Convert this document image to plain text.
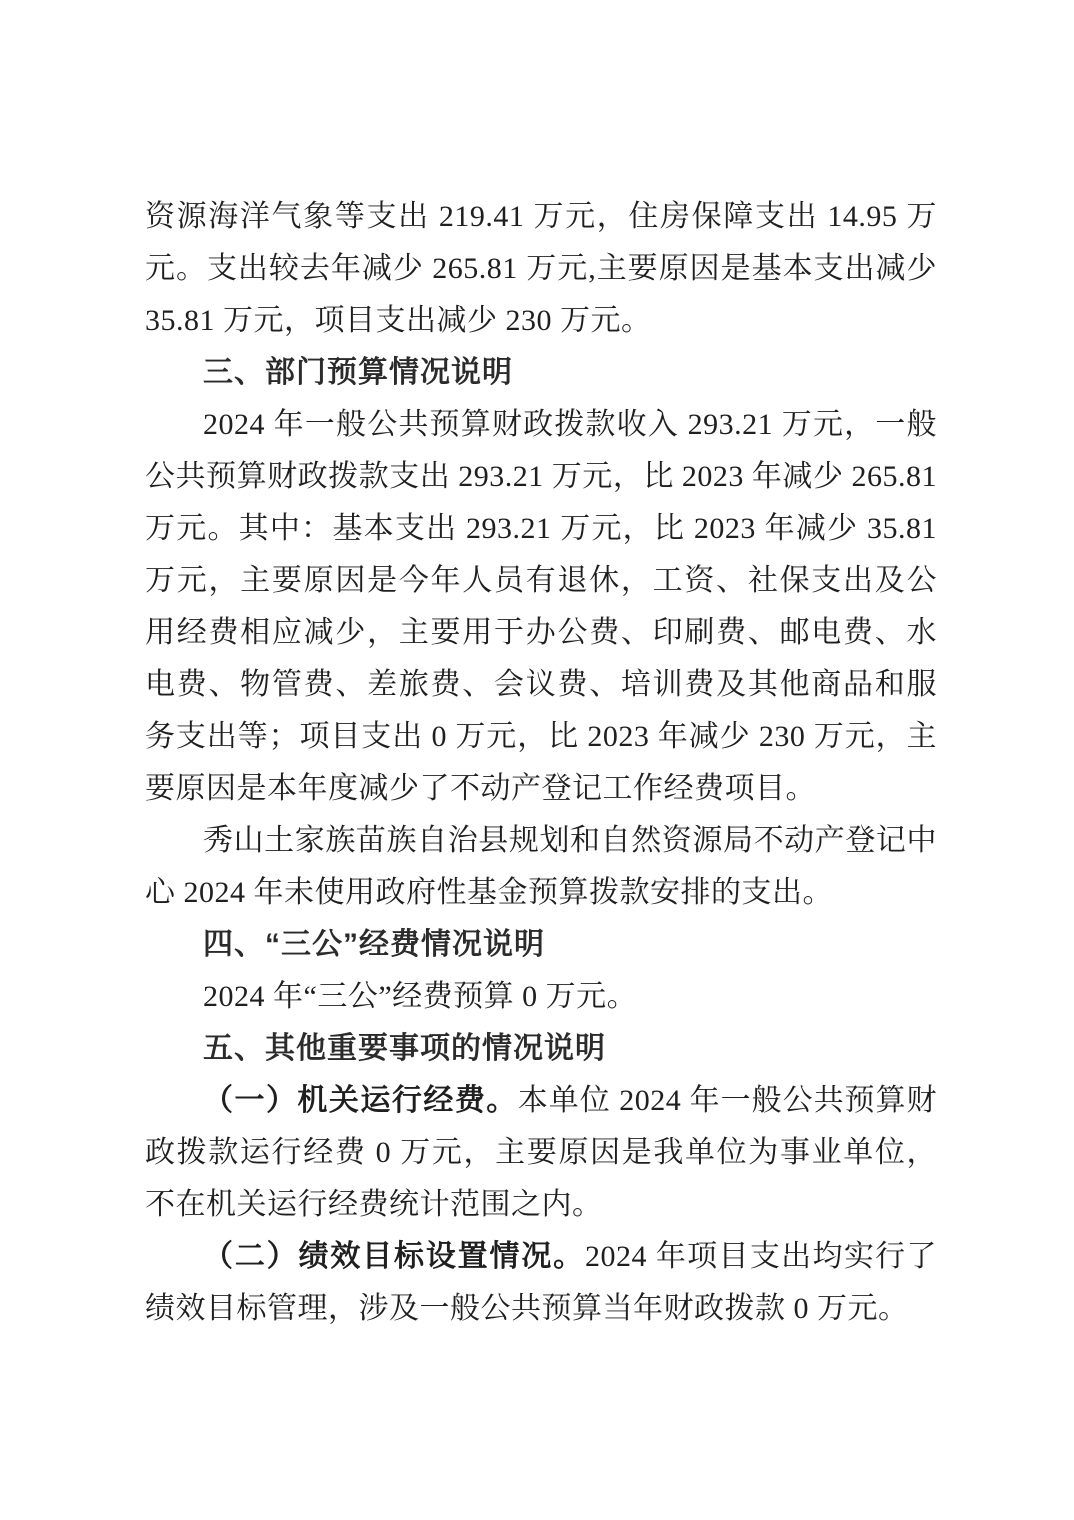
资源海洋气象等支出 219.41 万元，住房保障支出 14.95 万元。支出较去年减少 265.81 万元,主要原因是基本支出减少 35.81 万元，项目支出减少 230 万元。

三、部门预算情况说明

2024 年一般公共预算财政拨款收入 293.21 万元，一般公共预算财政拨款支出 293.21 万元，比 2023 年减少 265.81 万元。其中：基本支出 293.21 万元，比 2023 年减少 35.81 万元，主要原因是今年人员有退休，工资、社保支出及公用经费相应减少，主要用于办公费、印刷费、邮电费、水电费、物管费、差旅费、会议费、培训费及其他商品和服务支出等；项目支出 0 万元，比 2023 年减少 230 万元，主要原因是本年度减少了不动产登记工作经费项目。

秀山土家族苗族自治县规划和自然资源局不动产登记中心 2024 年未使用政府性基金预算拨款安排的支出。

四、“三公”经费情况说明

2024 年“三公”经费预算 0 万元。

五、其他重要事项的情况说明

（一）机关运行经费。本单位 2024 年一般公共预算财政拨款运行经费 0 万元，主要原因是我单位为事业单位，不在机关运行经费统计范围之内。

（二）绩效目标设置情况。2024 年项目支出均实行了绩效目标管理，涉及一般公共预算当年财政拨款 0 万元。
